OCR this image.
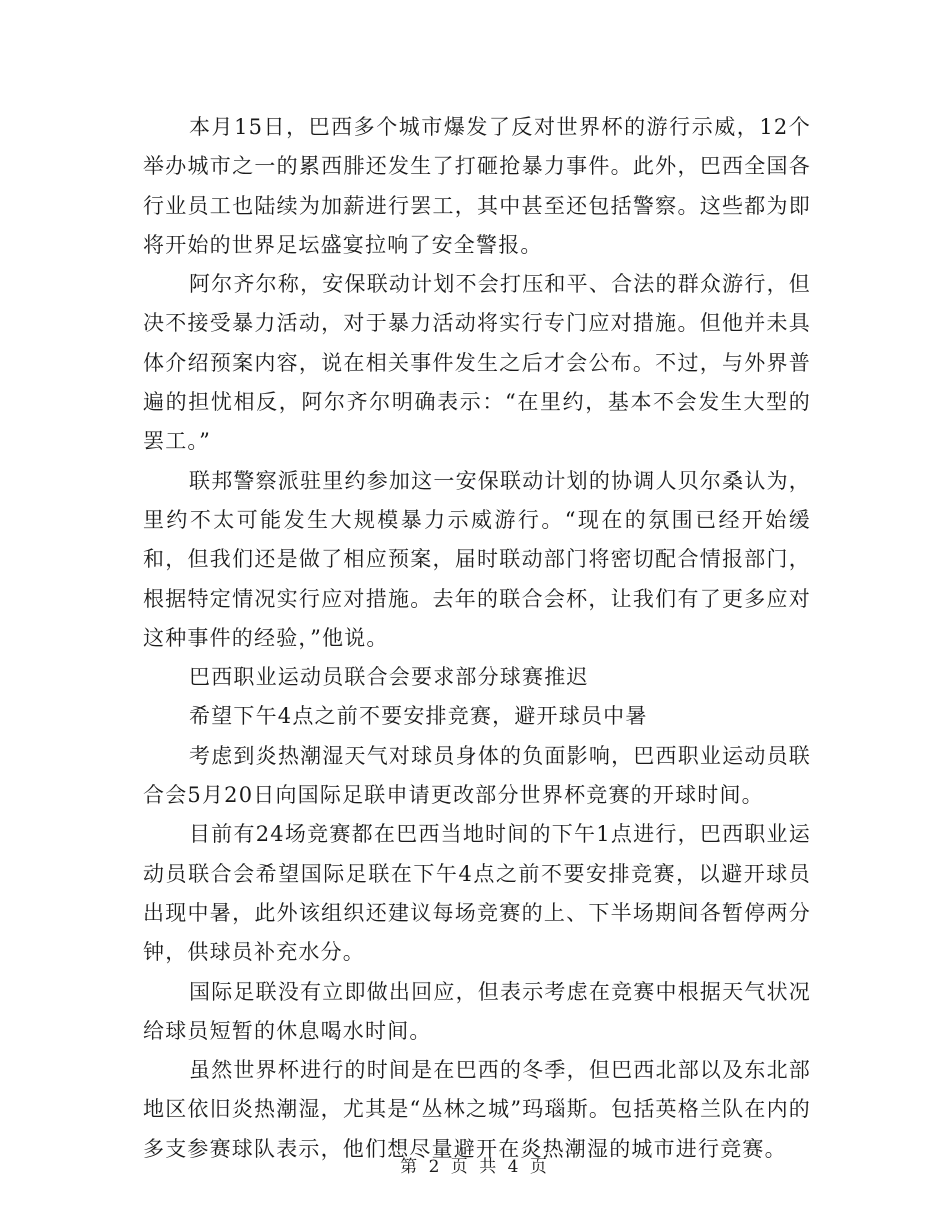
本月15日，巴西多个城市爆发了反对世界杯的游行示威，12个举办城市之一的累西腓还发生了打砸抢暴力事件。此外，巴西全国各行业员工也陆续为加薪进行罢工，其中甚至还包括警察。这些都为即将开始的世界足坛盛宴拉响了安全警报。

阿尔齐尔称，安保联动计划不会打压和平、合法的群众游行，但决不接受暴力活动，对于暴力活动将实行专门应对措施。但他并未具体介绍预案内容，说在相关事件发生之后才会公布。不过，与外界普遍的担忧相反，阿尔齐尔明确表示：“在里约，基本不会发生大型的罢工。”

联邦警察派驻里约参加这一安保联动计划的协调人贝尔桑认为，里约不太可能发生大规模暴力示威游行。“现在的氛围已经开始缓和，但我们还是做了相应预案，届时联动部门将密切配合情报部门，根据特定情况实行应对措施。去年的联合会杯，让我们有了更多应对这种事件的经验，”他说。

巴西职业运动员联合会要求部分球赛推迟

希望下午4点之前不要安排竞赛，避开球员中暑

考虑到炎热潮湿天气对球员身体的负面影响，巴西职业运动员联合会5月20日向国际足联申请更改部分世界杯竞赛的开球时间。

目前有24场竞赛都在巴西当地时间的下午1点进行，巴西职业运动员联合会希望国际足联在下午4点之前不要安排竞赛，以避开球员出现中暑，此外该组织还建议每场竞赛的上、下半场期间各暂停两分钟，供球员补充水分。

国际足联没有立即做出回应，但表示考虑在竞赛中根据天气状况给球员短暂的休息喝水时间。

虽然世界杯进行的时间是在巴西的冬季，但巴西北部以及东北部地区依旧炎热潮湿，尤其是“丛林之城”玛瑙斯。包括英格兰队在内的多支参赛球队表示，他们想尽量避开在炎热潮湿的城市进行竞赛。

第 2 页 共 4 页
